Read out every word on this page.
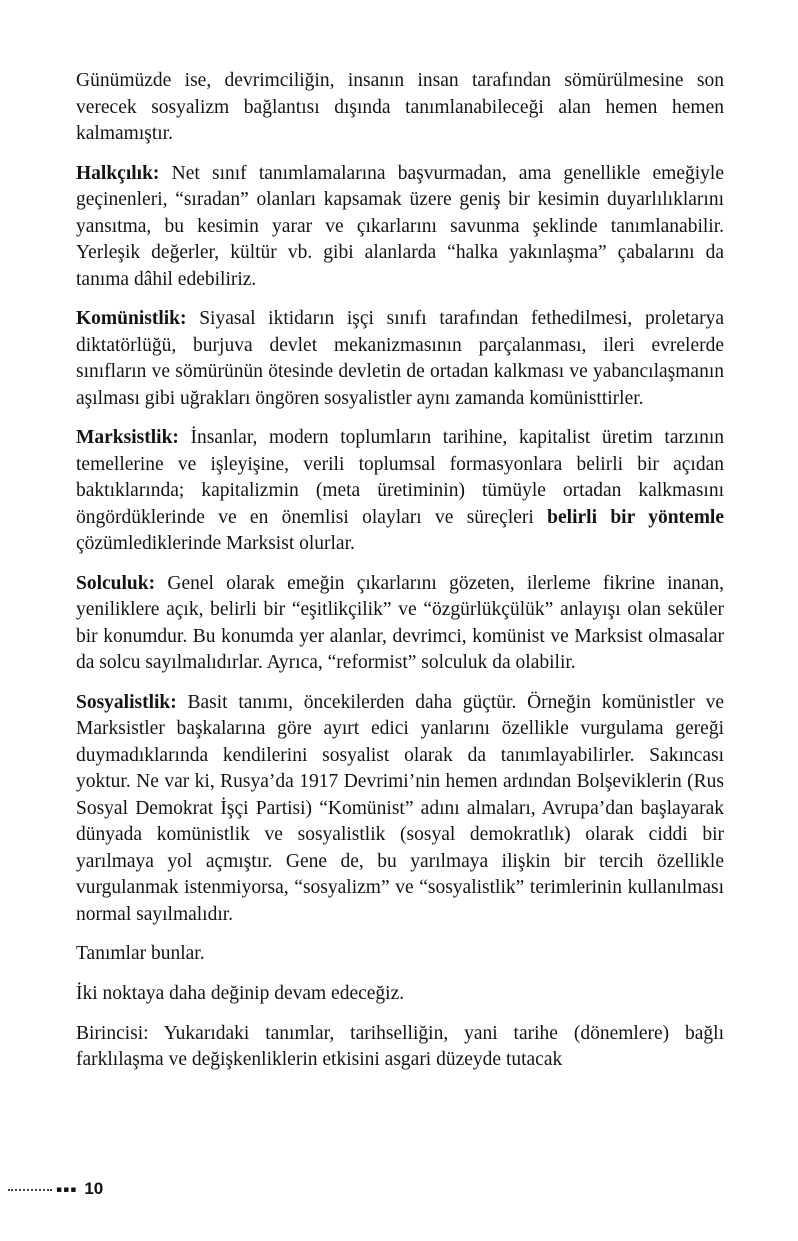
Günümüzde ise, devrimciliğin, insanın insan tarafından sömürülmesine son verecek sosyalizm bağlantısı dışında tanımlanabileceği alan hemen hemen kalmamıştır.

Halkçılık: Net sınıf tanımlamalarına başvurmadan, ama genellikle emeğiyle geçinenleri, “sıradan” olanları kapsamak üzere geniş bir kesimin duyarlılıklarını yansıtma, bu kesimin yarar ve çıkarlarını savunma şeklinde tanımlanabilir. Yerleşik değerler, kültür vb. gibi alanlarda “halka yakınlaşma” çabalarını da tanıma dâhil edebiliriz.

Komünistlik: Siyasal iktidarın işçi sınıfı tarafından fethedilmesi, proletarya diktatörlüğü, burjuva devlet mekanizmasının parçalanması, ileri evrelerde sınıfların ve sömürünün ötesinde devletin de ortadan kalkması ve yabancılaşmanın aşılması gibi uğrakları öngören sosyalistler aynı zamanda komünisttirler.

Marksistlik: İnsanlar, modern toplumların tarihine, kapitalist üretim tarzının temellerine ve işleyişine, verili toplumsal formasyonlara belirli bir açıdan baktıklarında; kapitalizmin (meta üretiminin) tümüyle ortadan kalkmasını öngördüklerinde ve en önemlisi olayları ve süreçleri belirli bir yöntemle çözümlediklerinde Marksist olurlar.

Solculuk: Genel olarak emeğin çıkarlarını gözeten, ilerleme fikrine inanan, yeniliklere açık, belirli bir “eşitlikçilik” ve “özgürlükçülük” anlayışı olan seküler bir konumdur. Bu konumda yer alanlar, devrimci, komünist ve Marksist olmasalar da solcu sayılmalıdırlar. Ayrıca, “reformist” solculuk da olabilir.

Sosyalistlik: Basit tanımı, öncekilerden daha güçtür. Örneğin komünistler ve Marksistler başkalarına göre ayırt edici yanlarını özellikle vurgulama gereği duymadıklarında kendilerini sosyalist olarak da tanımlayabilirler. Sakıncası yoktur. Ne var ki, Rusya’da 1917 Devrimi’nin hemen ardından Bolşeviklerin (Rus Sosyal Demokrat İşçi Partisi) “Komünist” adını almaları, Avrupa’dan başlayarak dünyada komünistlik ve sosyalistlik (sosyal demokratlık) olarak ciddi bir yarılmaya yol açmıştır. Gene de, bu yarılmaya ilişkin bir tercih özellikle vurgulanmak istenmiyorsa, “sosyalizm” ve “sosyalistlik” terimlerinin kullanılması normal sayılmalıdır.

Tanımlar bunlar.

İki noktaya daha değinip devam edeceğiz.

Birincisi: Yukarıdaki tanımlar, tarihselliğin, yani tarihe (dönemlere) bağlı farklılaşma ve değişkenliklerin etkisini asgari düzeyde tutacak

▪▪▪ 10
